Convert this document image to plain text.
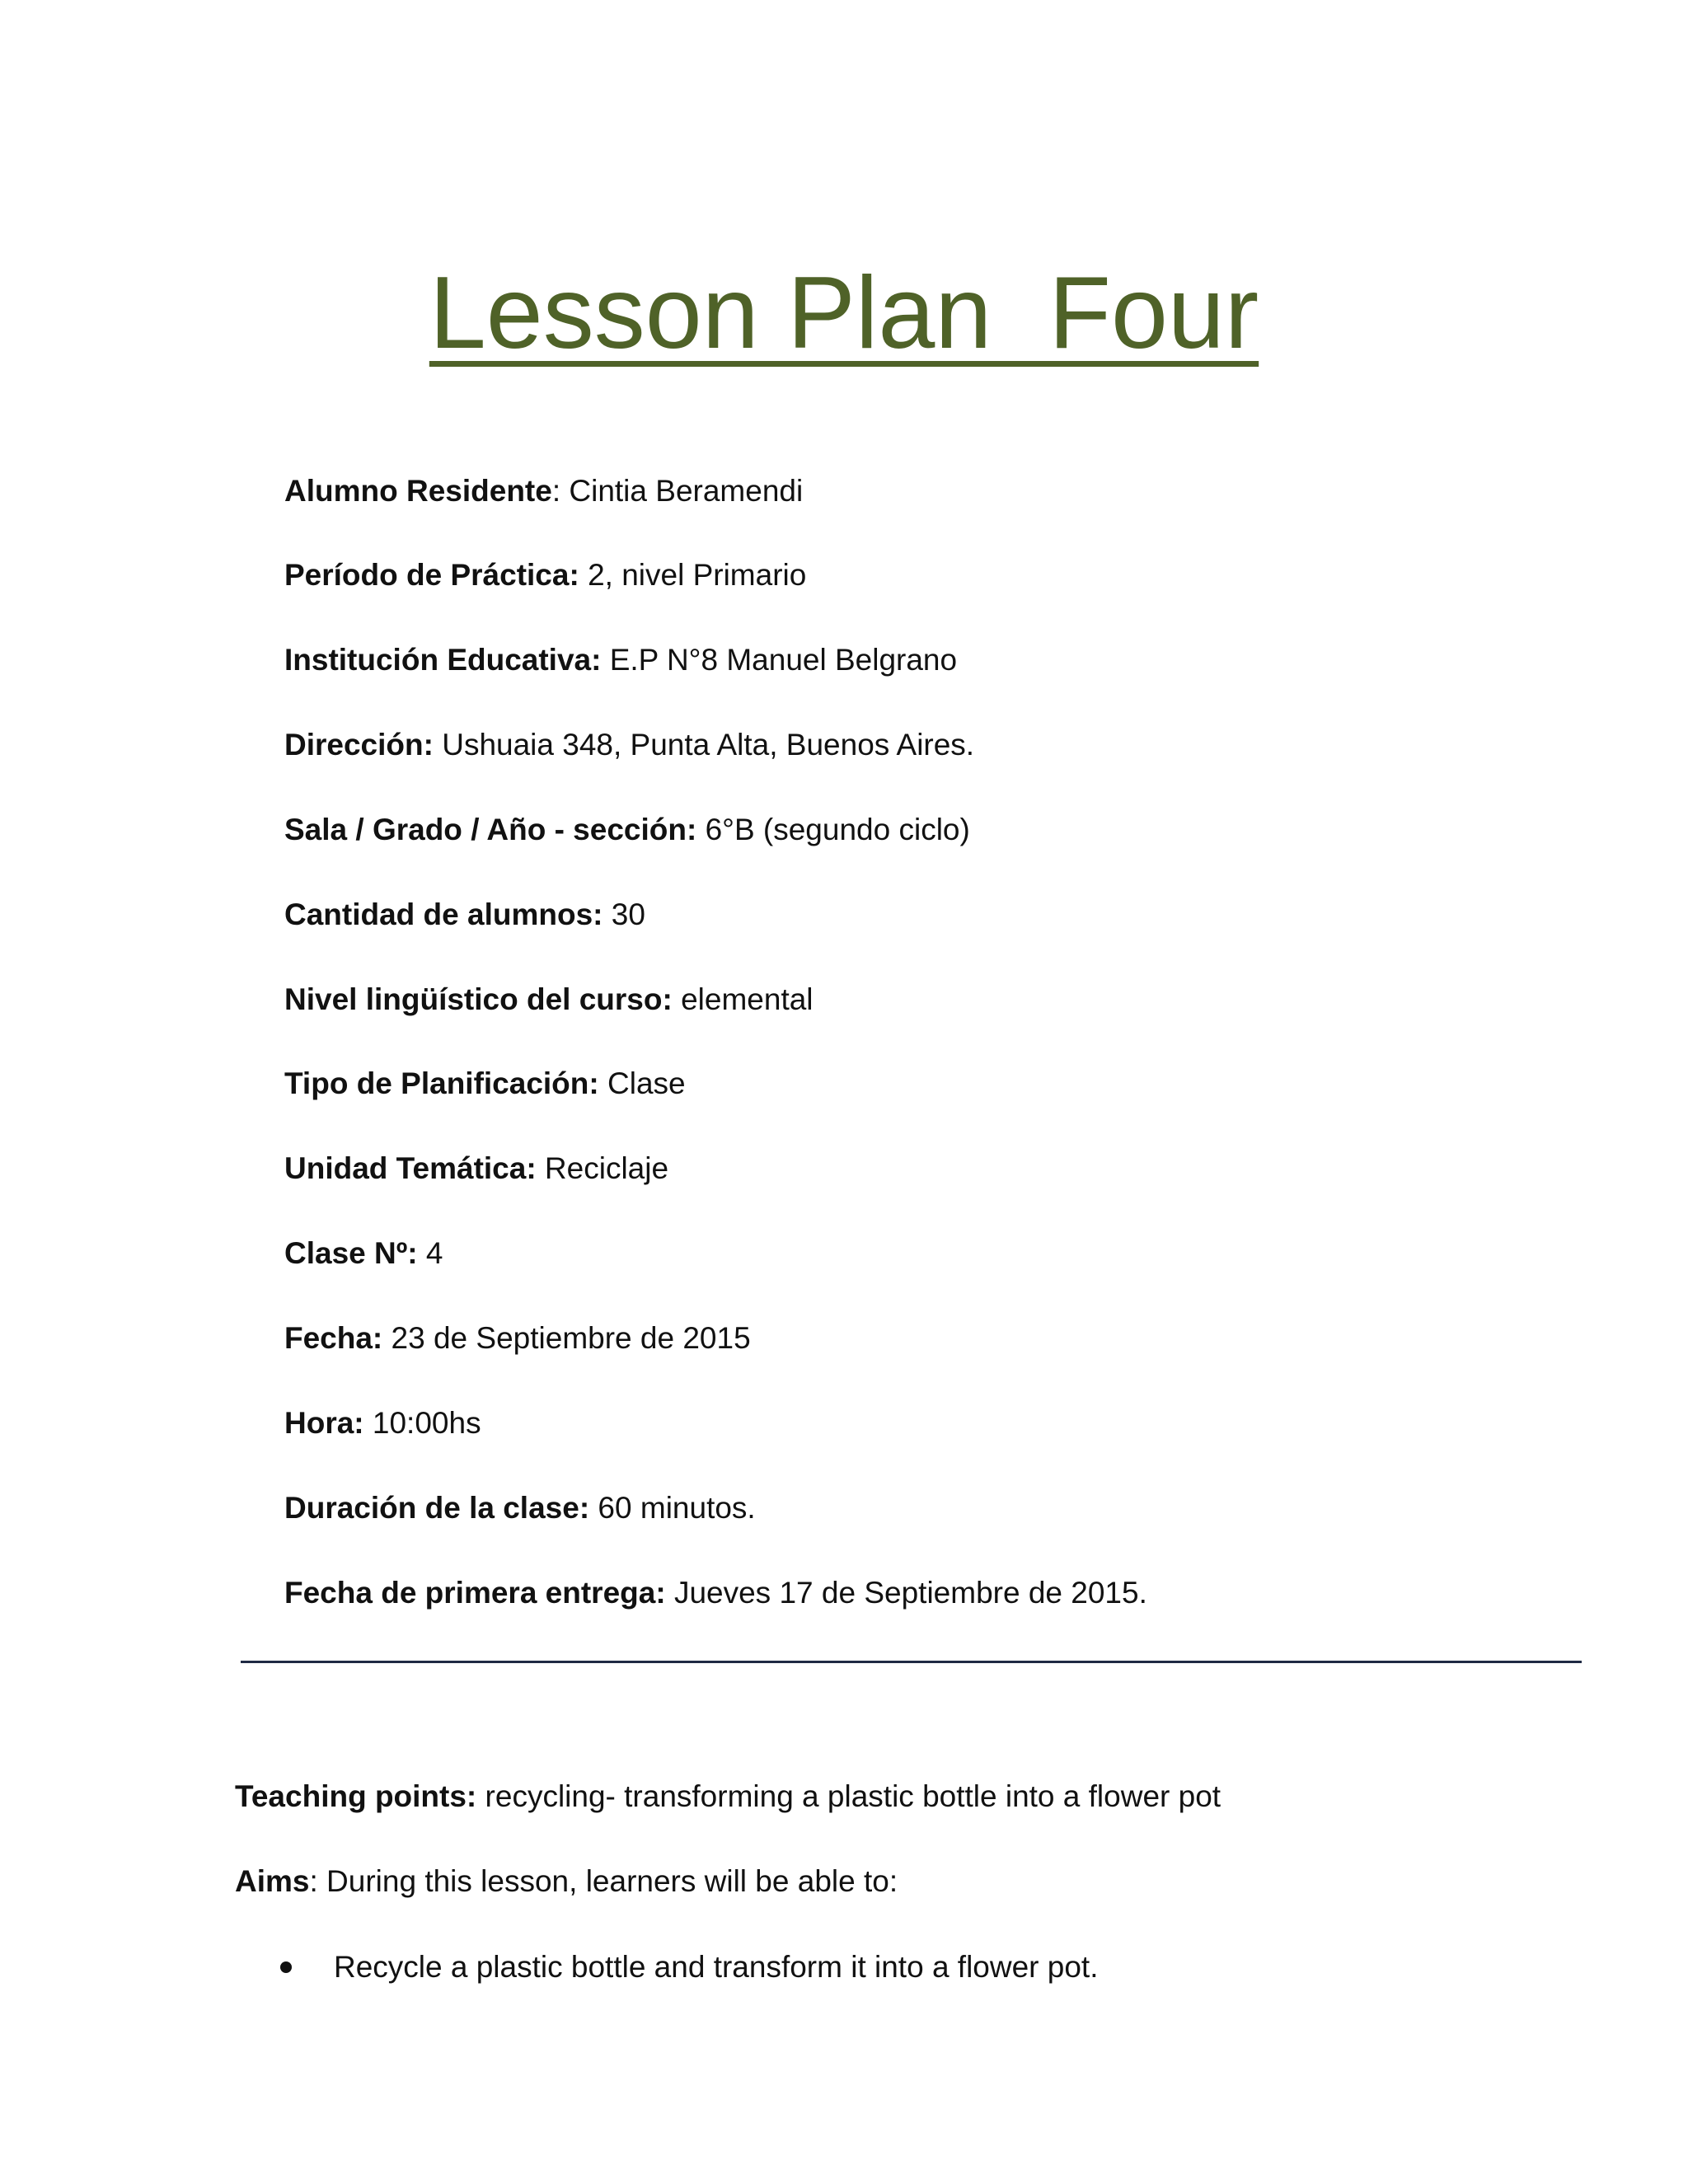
Lesson Plan  Four
Alumno Residente: Cintia Beramendi
Período de Práctica: 2, nivel Primario
Institución Educativa: E.P N°8 Manuel Belgrano
Dirección: Ushuaia 348, Punta Alta, Buenos Aires.
Sala / Grado / Año - sección: 6°B (segundo ciclo)
Cantidad de alumnos: 30
Nivel lingüístico del curso: elemental
Tipo de Planificación: Clase
Unidad Temática: Reciclaje
Clase Nº: 4
Fecha: 23 de Septiembre de 2015
Hora: 10:00hs
Duración de la clase: 60 minutos.
Fecha de primera entrega: Jueves 17 de Septiembre de 2015.
Teaching points: recycling- transforming a plastic bottle into a flower pot
Aims: During this lesson, learners will be able to:
Recycle a plastic bottle and transform it into a flower pot.
